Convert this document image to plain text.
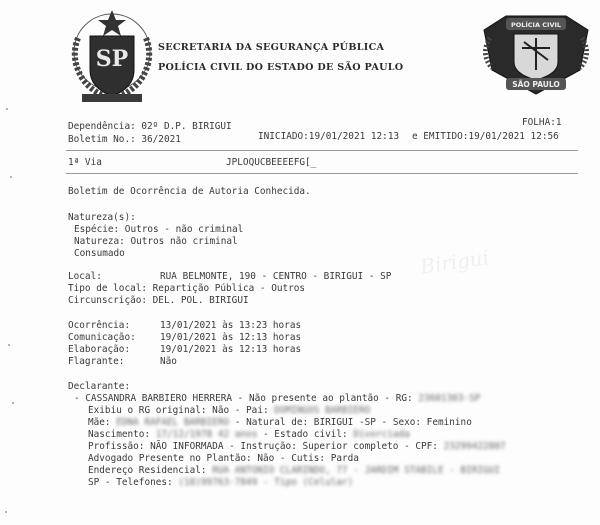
SP	SECRETARIA DA SEGURANÇA PÚBLICA
POLÍCIA CIVIL DO ESTADO DE SÃO PAULO
POLÍCIA CIVIL
SÃO PAULO
Dependência: 02º D.P. BIRIGUI	FOLHA:1
Boletim No.: 36/2021	INICIADO:19/01/2021 12:13 e EMITIDO:19/01/2021 12:56
1ª Via	JPLOQUCBEEEEFG[_
Boletim de Ocorrência de Autoria Conhecida.
Natureza(s):
Espécie: Outros - não criminal
Natureza: Outros não criminal
Consumado
Local:	RUA BELMONTE, 190 - CENTRO - BIRIGUI - SP
Tipo de local: Repartição Pública - Outros
Circunscrição: DEL. POL. BIRIGUI
Ocorrência:	13/01/2021 às 13:23 horas
Comunicação:	19/01/2021 às 12:13 horas
Elaboração:	19/01/2021 às 12:13 horas
Flagrante:	Não
Declarante:
- CASSANDRA BARBIERO HERRERA - Não presente ao plantão - RG: 23601303-SP
Exibiu o RG original: Não - Pai: DOMINGOS BARBIERO
Mãe: EDNA RAFAEL BARBIERO - Natural de: BIRIGUI -SP - Sexo: Feminino
Nascimento: 17/12/1978 42 anos - Estado civil: Divorciada
Profissão: NÃO INFORMADA - Instrução: Superior completo - CPF: 23299422807
Advogado Presente no Plantão: Não - Cutis: Parda
Endereço Residencial: RUA ANTONIO CLARINDO, 77 - JARDIM STABILE - BIRIGUI
SP - Telefones: (18)99763-7849 - Tipo (Celular)
Birigui
